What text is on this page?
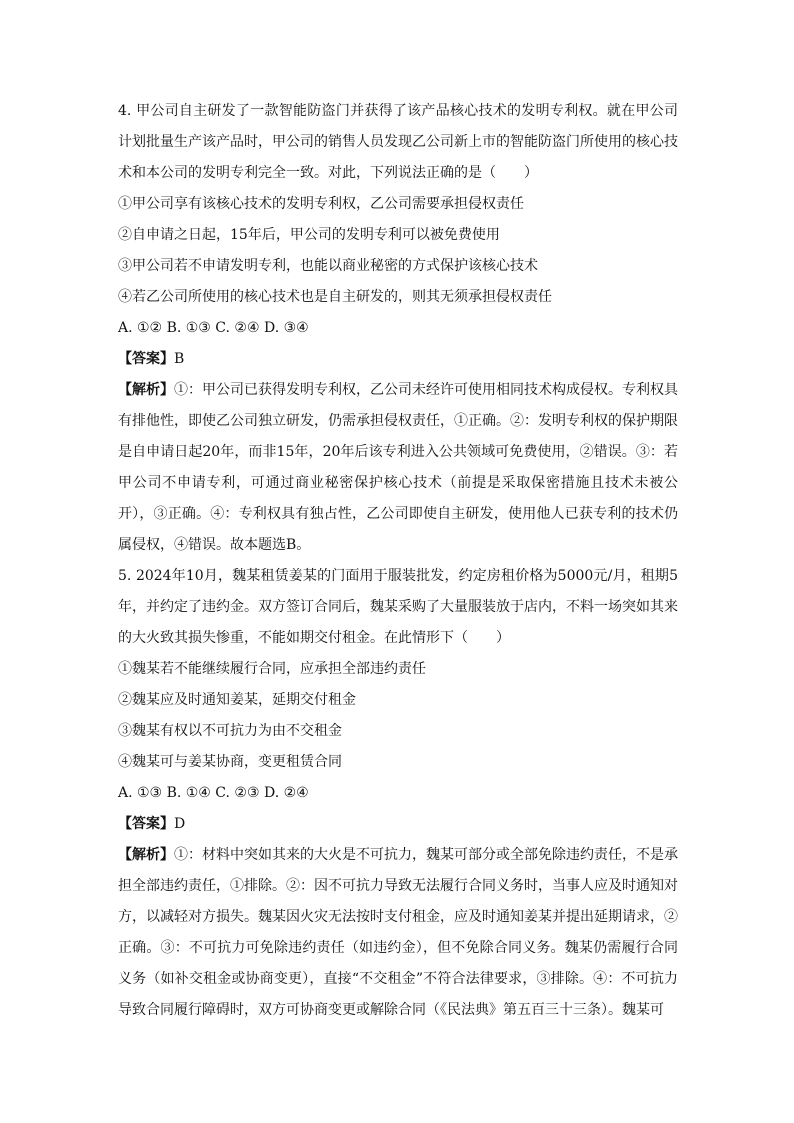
4. 甲公司自主研发了一款智能防盗门并获得了该产品核心技术的发明专利权。就在甲公司计划批量生产该产品时，甲公司的销售人员发现乙公司新上市的智能防盗门所使用的核心技术和本公司的发明专利完全一致。对此，下列说法正确的是（　　）

①甲公司享有该核心技术的发明专利权，乙公司需要承担侵权责任

②自申请之日起，15年后，甲公司的发明专利可以被免费使用

③甲公司若不申请发明专利，也能以商业秘密的方式保护该核心技术

④若乙公司所使用的核心技术也是自主研发的，则其无须承担侵权责任

A. ①② B. ①③ C. ②④ D. ③④

【答案】B

【解析】①：甲公司已获得发明专利权，乙公司未经许可使用相同技术构成侵权。专利权具有排他性，即使乙公司独立研发，仍需承担侵权责任，①正确。②：发明专利权的保护期限是自申请日起20年，而非15年，20年后该专利进入公共领域可免费使用，②错误。③：若甲公司不申请专利，可通过商业秘密保护核心技术（前提是采取保密措施且技术未被公开），③正确。④：专利权具有独占性，乙公司即使自主研发，使用他人已获专利的技术仍属侵权，④错误。故本题选B。

5. 2024年10月，魏某租赁姜某的门面用于服装批发，约定房租价格为5000元/月，租期5年，并约定了违约金。双方签订合同后，魏某采购了大量服装放于店内，不料一场突如其来的大火致其损失惨重，不能如期交付租金。在此情形下（　　）

①魏某若不能继续履行合同，应承担全部违约责任

②魏某应及时通知姜某，延期交付租金

③魏某有权以不可抗力为由不交租金

④魏某可与姜某协商，变更租赁合同

A. ①③ B. ①④ C. ②③ D. ②④

【答案】D

【解析】①：材料中突如其来的大火是不可抗力，魏某可部分或全部免除违约责任，不是承担全部违约责任，①排除。②：因不可抗力导致无法履行合同义务时，当事人应及时通知对方，以减轻对方损失。魏某因火灾无法按时支付租金，应及时通知姜某并提出延期请求，②正确。③：不可抗力可免除违约责任（如违约金），但不免除合同义务。魏某仍需履行合同义务（如补交租金或协商变更），直接“不交租金”不符合法律要求，③排除。④：不可抗力导致合同履行障碍时，双方可协商变更或解除合同（《民法典》第五百三十三条）。魏某可
